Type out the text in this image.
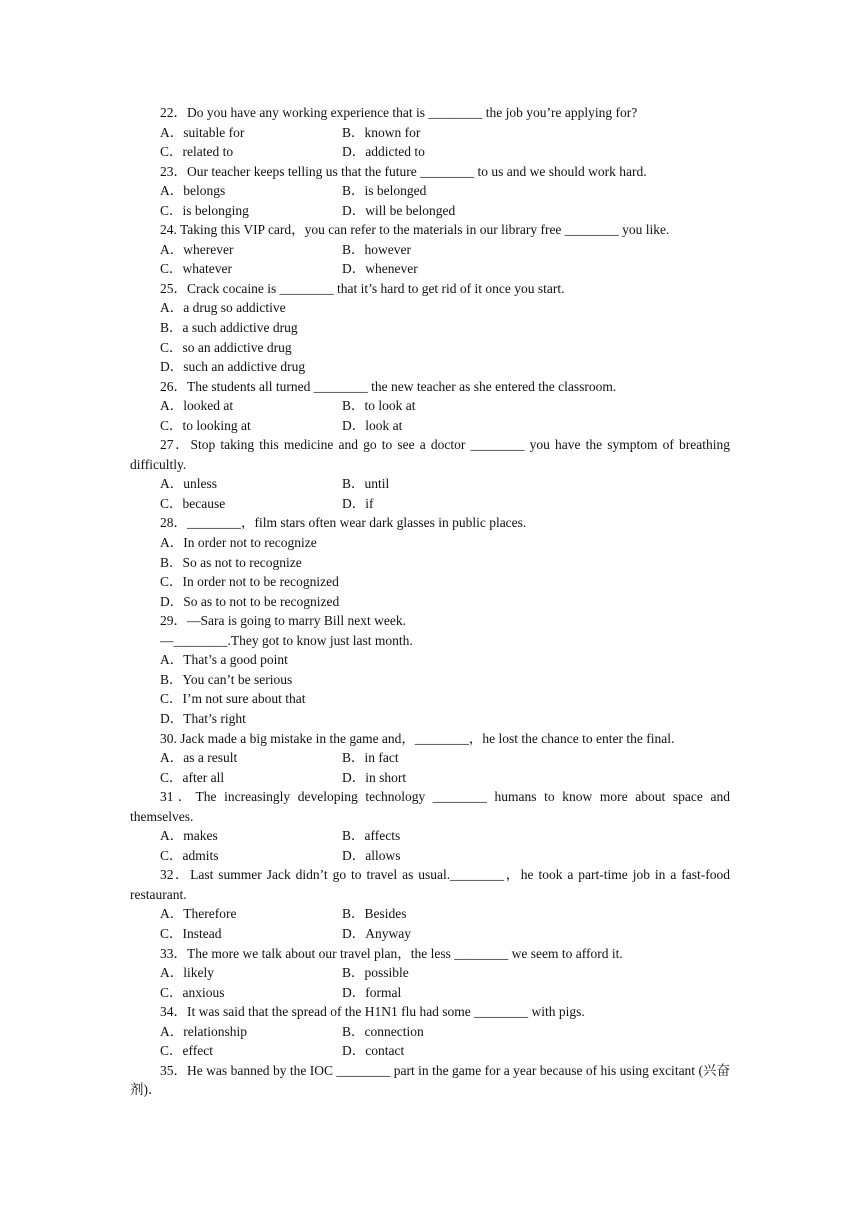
22．Do you have any working experience that is ________ the job you’re applying for?
A．suitable for	B．known for
C．related to	D．addicted to
23．Our teacher keeps telling us that the future ________ to us and we should work hard.
A．belongs	B．is belonged
C．is belonging	D．will be belonged
24. Taking this VIP card，you can refer to the materials in our library free ________ you like.
A．wherever	B．however
C．whatever	D．whenever
25．Crack cocaine is ________ that it’s hard to get rid of it once you start.
A．a drug so addictive
B．a such addictive drug
C．so an addictive drug
D．such an addictive drug
26．The students all turned ________ the new teacher as she entered the classroom.
A．looked at	B．to look at
C．to looking at	D．look at
27．Stop taking this medicine and go to see a doctor ________ you have the symptom of breathing difficultly.
A．unless	B．until
C．because	D．if
28．________，film stars often wear dark glasses in public places.
A．In order not to recognize
B．So as not to recognize
C．In order not to be recognized
D．So as to not to be recognized
29．—Sara is going to marry Bill next week.
—________.They got to know just last month.
A．That’s a good point
B．You can’t be serious
C．I’m not sure about that
D．That’s right
30. Jack made a big mistake in the game and，________，he lost the chance to enter the final.
A．as a result	B．in fact
C．after all	D．in short
31．The increasingly developing technology ________ humans to know more about space and themselves.
A．makes	B．affects
C．admits	D．allows
32．Last summer Jack didn’t go to travel as usual.________，he took a part-time job in a fast-food restaurant.
A．Therefore	B．Besides
C．Instead	D．Anyway
33．The more we talk about our travel plan，the less ________ we seem to afford it.
A．likely	B．possible
C．anxious	D．formal
34．It was said that the spread of the H1N1 flu had some ________ with pigs.
A．relationship	B．connection
C．effect	D．contact
35．He was banned by the IOC ________ part in the game for a year because of his using excitant (兴奋剂)．
